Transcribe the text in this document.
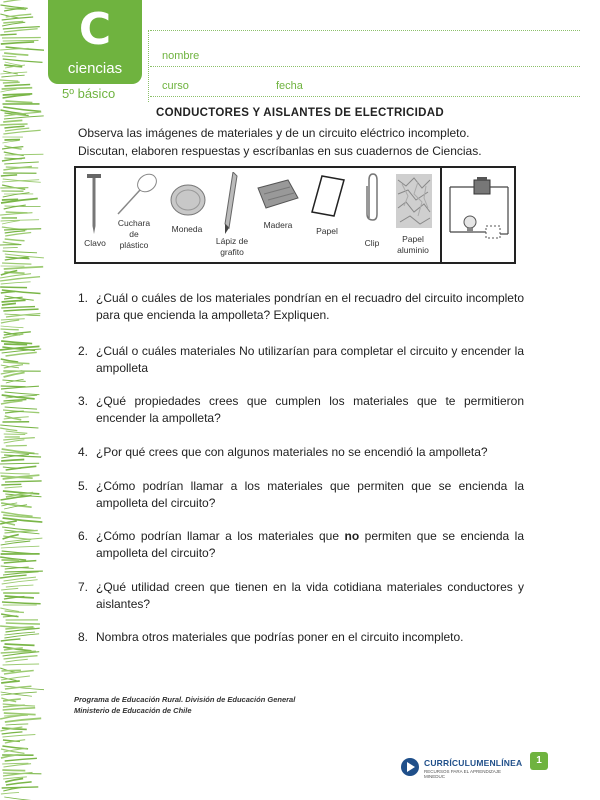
C
ciencias
5º básico
nombre
curso	fecha
CONDUCTORES Y AISLANTES DE ELECTRICIDAD
Observa las imágenes de materiales y de un circuito eléctrico incompleto.
Discutan, elaboren respuestas y escríbanlas en sus cuadernos de Ciencias.
Clavo
Cuchara de plástico
Moneda
Lápiz de grafito
Madera
Papel
Clip	Papel aluminio
1. ¿Cuál o cuáles de los materiales pondrían en el recuadro del circuito incompleto para que encienda la ampolleta? Expliquen.
2. ¿Cuál o cuáles materiales No utilizarían para completar el circuito y encender la ampolleta
3. ¿Qué propiedades crees que cumplen los materiales que te permitieron encender la ampolleta?
4. ¿Por qué crees que con algunos materiales no se encendió la ampolleta?
5. ¿Cómo podrían llamar a los materiales que permiten que se encienda la ampolleta del circuito?
6. ¿Cómo podrían llamar a los materiales que no permiten que se encienda la ampolleta del circuito?
7. ¿Qué utilidad creen que tienen en la vida cotidiana materiales conductores y aislantes?
8. Nombra otros materiales que podrías poner en el circuito incompleto.
Programa de Educación Rural. División de Educación General
Ministerio de Educación de Chile
CURRÍCULUMENLÍNEA
RECURSOS PARA EL APRENDIZAJE MINEDUC
1
